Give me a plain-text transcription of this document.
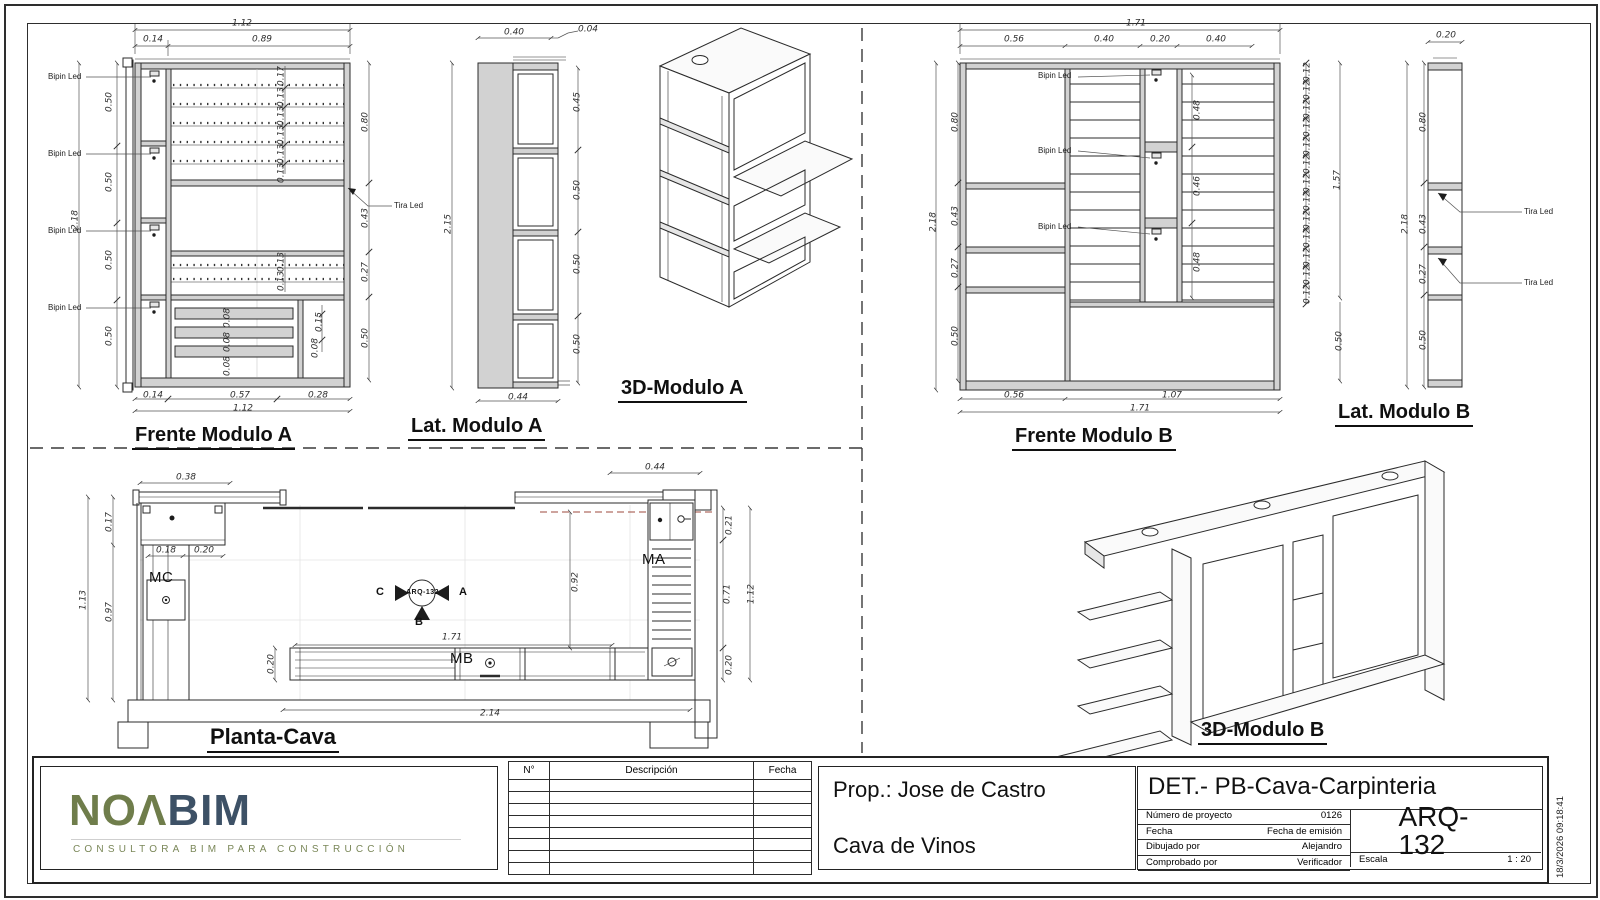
1.12
0.14	0.89
2.18
0.50
0.50
0.50
0.50
0.80
0.43
0.27
0.50
0.17
0.13
0.13
0.13
0.13
0.13
0.13
0.13
0.08
0.08
0.08
0.15
0.08
0.14	0.57	0.28
1.12
0.40	0.04
2.15
0.45
0.50
0.50
0.50
0.44
1.71
0.56	0.40	0.20	0.40
2.18
0.80
0.43
0.27
0.50
0.48
0.46
0.48
0.56	1.07
1.71
0.12
0.12
0.12
0.12
0.12
0.12
0.12
0.12
0.12
0.12
0.12
0.12
0.12
1.57
0.50
0.20
2.18
0.80
0.43
0.27
0.50
0.38
0.44
1.13
0.17
0.97
0.18 0.20
0.92
1.71
0.20
0.21
0.71 1.12
0.20
2.14
Bipin Led
Bipin Led
Bipin Led
Bipin Led
Tira Led
Bipin Led
Bipin Led
Bipin Led
Tira Led
Tira Led
MC
MB
MA
ARQ-132 A
B
C
Frente Modulo A	Lat. Modulo A
3D-Modulo A
Frente Modulo B
Lat. Modulo B
Planta-Cava	3D-Modulo B
NOΛBIM
CONSULTORA BIM PARA CONSTRUCCIÓN
N°	Descripción	Fecha

Prop.: Jose de Castro
Cava de Vinos
DET.- PB-Cava-Carpinteria
Número de proyecto	0126
Fecha	Fecha de emisión
Dibujado por	Alejandro
Comprobado por	Verificador
ARQ-132
Escala	1 : 20	18/3/2026 09:18:41
